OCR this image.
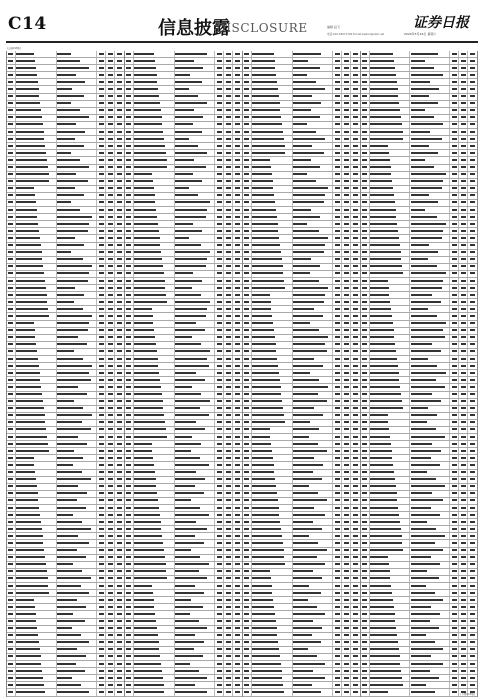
C14	信息披露
DISCLOSURE	编辑 赵飞
电话:010-63071746 E-mail:zqsbcz@zqrb.net
证券日报
2020年5月16日 星期六
(上接C13版)
(下转C15版)
